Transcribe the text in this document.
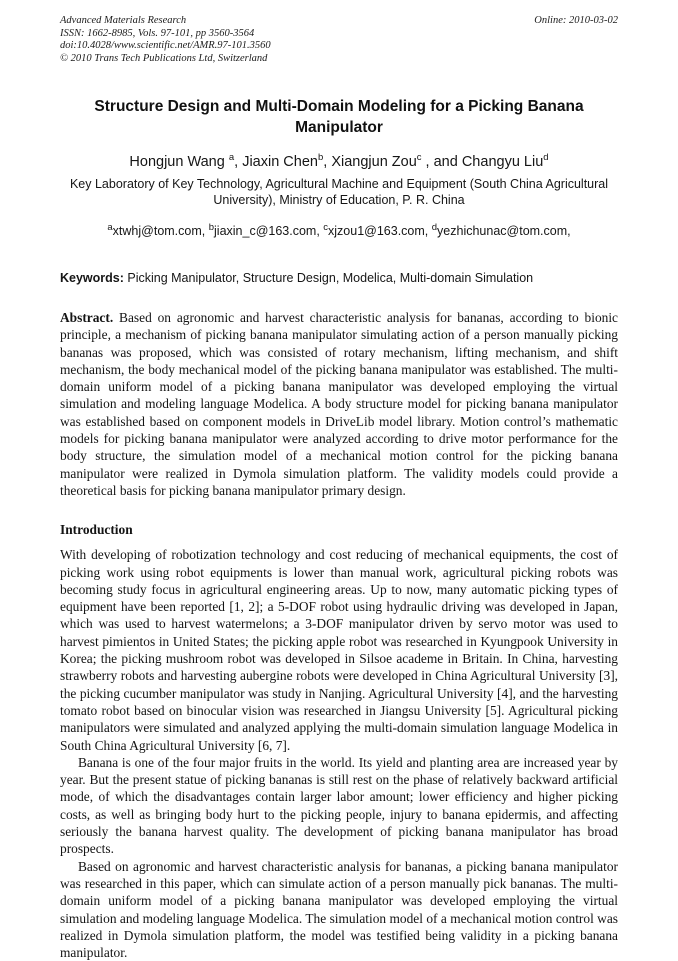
Advanced Materials Research
ISSN: 1662-8985, Vols. 97-101, pp 3560-3564
doi:10.4028/www.scientific.net/AMR.97-101.3560
© 2010 Trans Tech Publications Ltd, Switzerland
Online: 2010-03-02
Structure Design and Multi-Domain Modeling for a Picking Banana Manipulator
Hongjun Wang $^a$, Jiaxin Chen$^b$, Xiangjun Zou$^c$ , and Changyu Liu$^d$
Key Laboratory of Key Technology, Agricultural Machine and Equipment (South China Agricultural University), Ministry of Education, P. R. China
$^a$xtwhj@tom.com, $^b$jiaxin_c@163.com, $^c$xjzou1@163.com, $^d$yezhichunac@tom.com,
Keywords: Picking Manipulator, Structure Design, Modelica, Multi-domain Simulation
Abstract. Based on agronomic and harvest characteristic analysis for bananas, according to bionic principle, a mechanism of picking banana manipulator simulating action of a person manually picking bananas was proposed, which was consisted of rotary mechanism, lifting mechanism, and shift mechanism, the body mechanical model of the picking banana manipulator was established. The multi-domain uniform model of a picking banana manipulator was developed employing the virtual simulation and modeling language Modelica. A body structure model for picking banana manipulator was established based on component models in DriveLib model library. Motion control’s mathematic models for picking banana manipulator were analyzed according to drive motor performance for the body structure, the simulation model of a mechanical motion control for the picking banana manipulator were realized in Dymola simulation platform. The validity models could provide a theoretical basis for picking banana manipulator primary design.
Introduction

With developing of robotization technology and cost reducing of mechanical equipments, the cost of picking work using robot equipments is lower than manual work, agricultural picking robots was becoming study focus in agricultural engineering areas. Up to now, many automatic picking types of equipment have been reported [1, 2]; a 5-DOF robot using hydraulic driving was developed in Japan, which was used to harvest watermelons; a 3-DOF manipulator driven by servo motor was used to harvest pimientos in United States; the picking apple robot was researched in Kyungpook University in Korea; the picking mushroom robot was developed in Silsoe academe in Britain. In China, harvesting strawberry robots and harvesting aubergine robots were developed in China Agricultural University [3], the picking cucumber manipulator was study in Nanjing. Agricultural University [4], and the harvesting tomato robot based on binocular vision was researched in Jiangsu University [5]. Agricultural picking manipulators were simulated and analyzed applying the multi-domain simulation language Modelica in South China Agricultural University [6, 7].

Banana is one of the four major fruits in the world. Its yield and planting area are increased year by year. But the present statue of picking bananas is still rest on the phase of relatively backward artificial mode, of which the disadvantages contain larger labor amount; lower efficiency and higher picking costs, as well as bringing body hurt to the picking people, injury to banana epidermis, and affecting seriously the banana harvest quality. The development of picking banana manipulator has broad prospects.

Based on agronomic and harvest characteristic analysis for bananas, a picking banana manipulator was researched in this paper, which can simulate action of a person manually pick bananas. The multi-domain uniform model of a picking banana manipulator was developed employing the virtual simulation and modeling language Modelica. The simulation model of a mechanical motion control was realized in Dymola simulation platform, the model was testified being validity in a picking banana manipulator.
